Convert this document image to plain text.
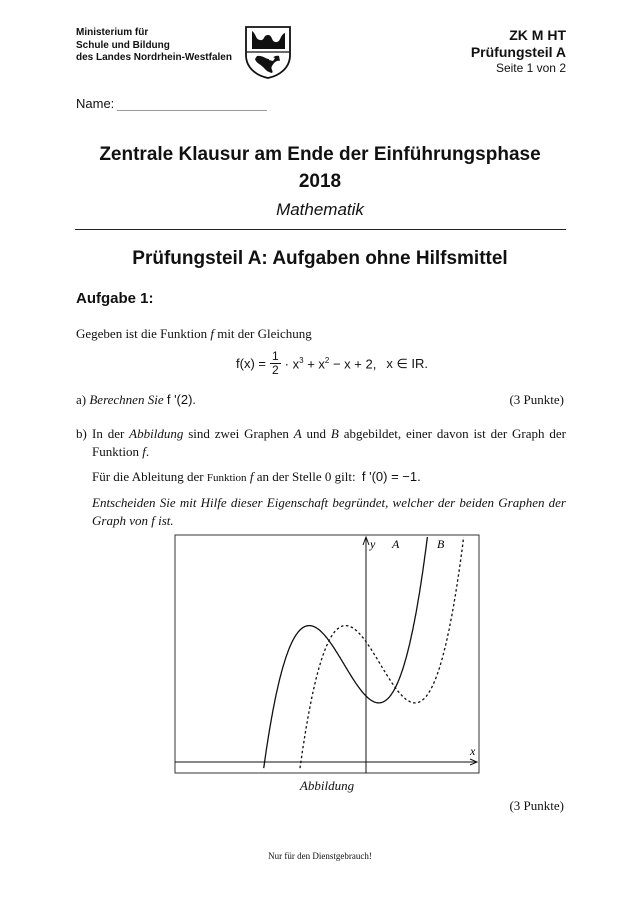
Ministerium für
Schule und Bildung
des Landes Nordrhein-Westfalen
ZK M HT
Prüfungsteil A
Seite 1 von 2
Name:
Zentrale Klausur am Ende der Einführungsphase
2018
Mathematik
Prüfungsteil A: Aufgaben ohne Hilfsmittel
Aufgabe 1:
Gegeben ist die Funktion f mit der Gleichung
$f(x) = \frac{1}{2} \cdot x^3 + x^2 - x + 2$, x ∈ IR.
a) Berechnen Sie f '(2).	(3 Punkte)
b) In der Abbildung sind zwei Graphen A und B abgebildet, einer davon ist der Graph der
Funktion f.
Für die Ableitung der Funktion f an der Stelle 0 gilt: f '(0) = −1.
Entscheiden Sie mit Hilfe dieser Eigenschaft begründet, welcher der beiden Graphen der
Graph von f ist.
y
x
A	B
Abbildung
(3 Punkte)
Nur für den Dienstgebrauch!
